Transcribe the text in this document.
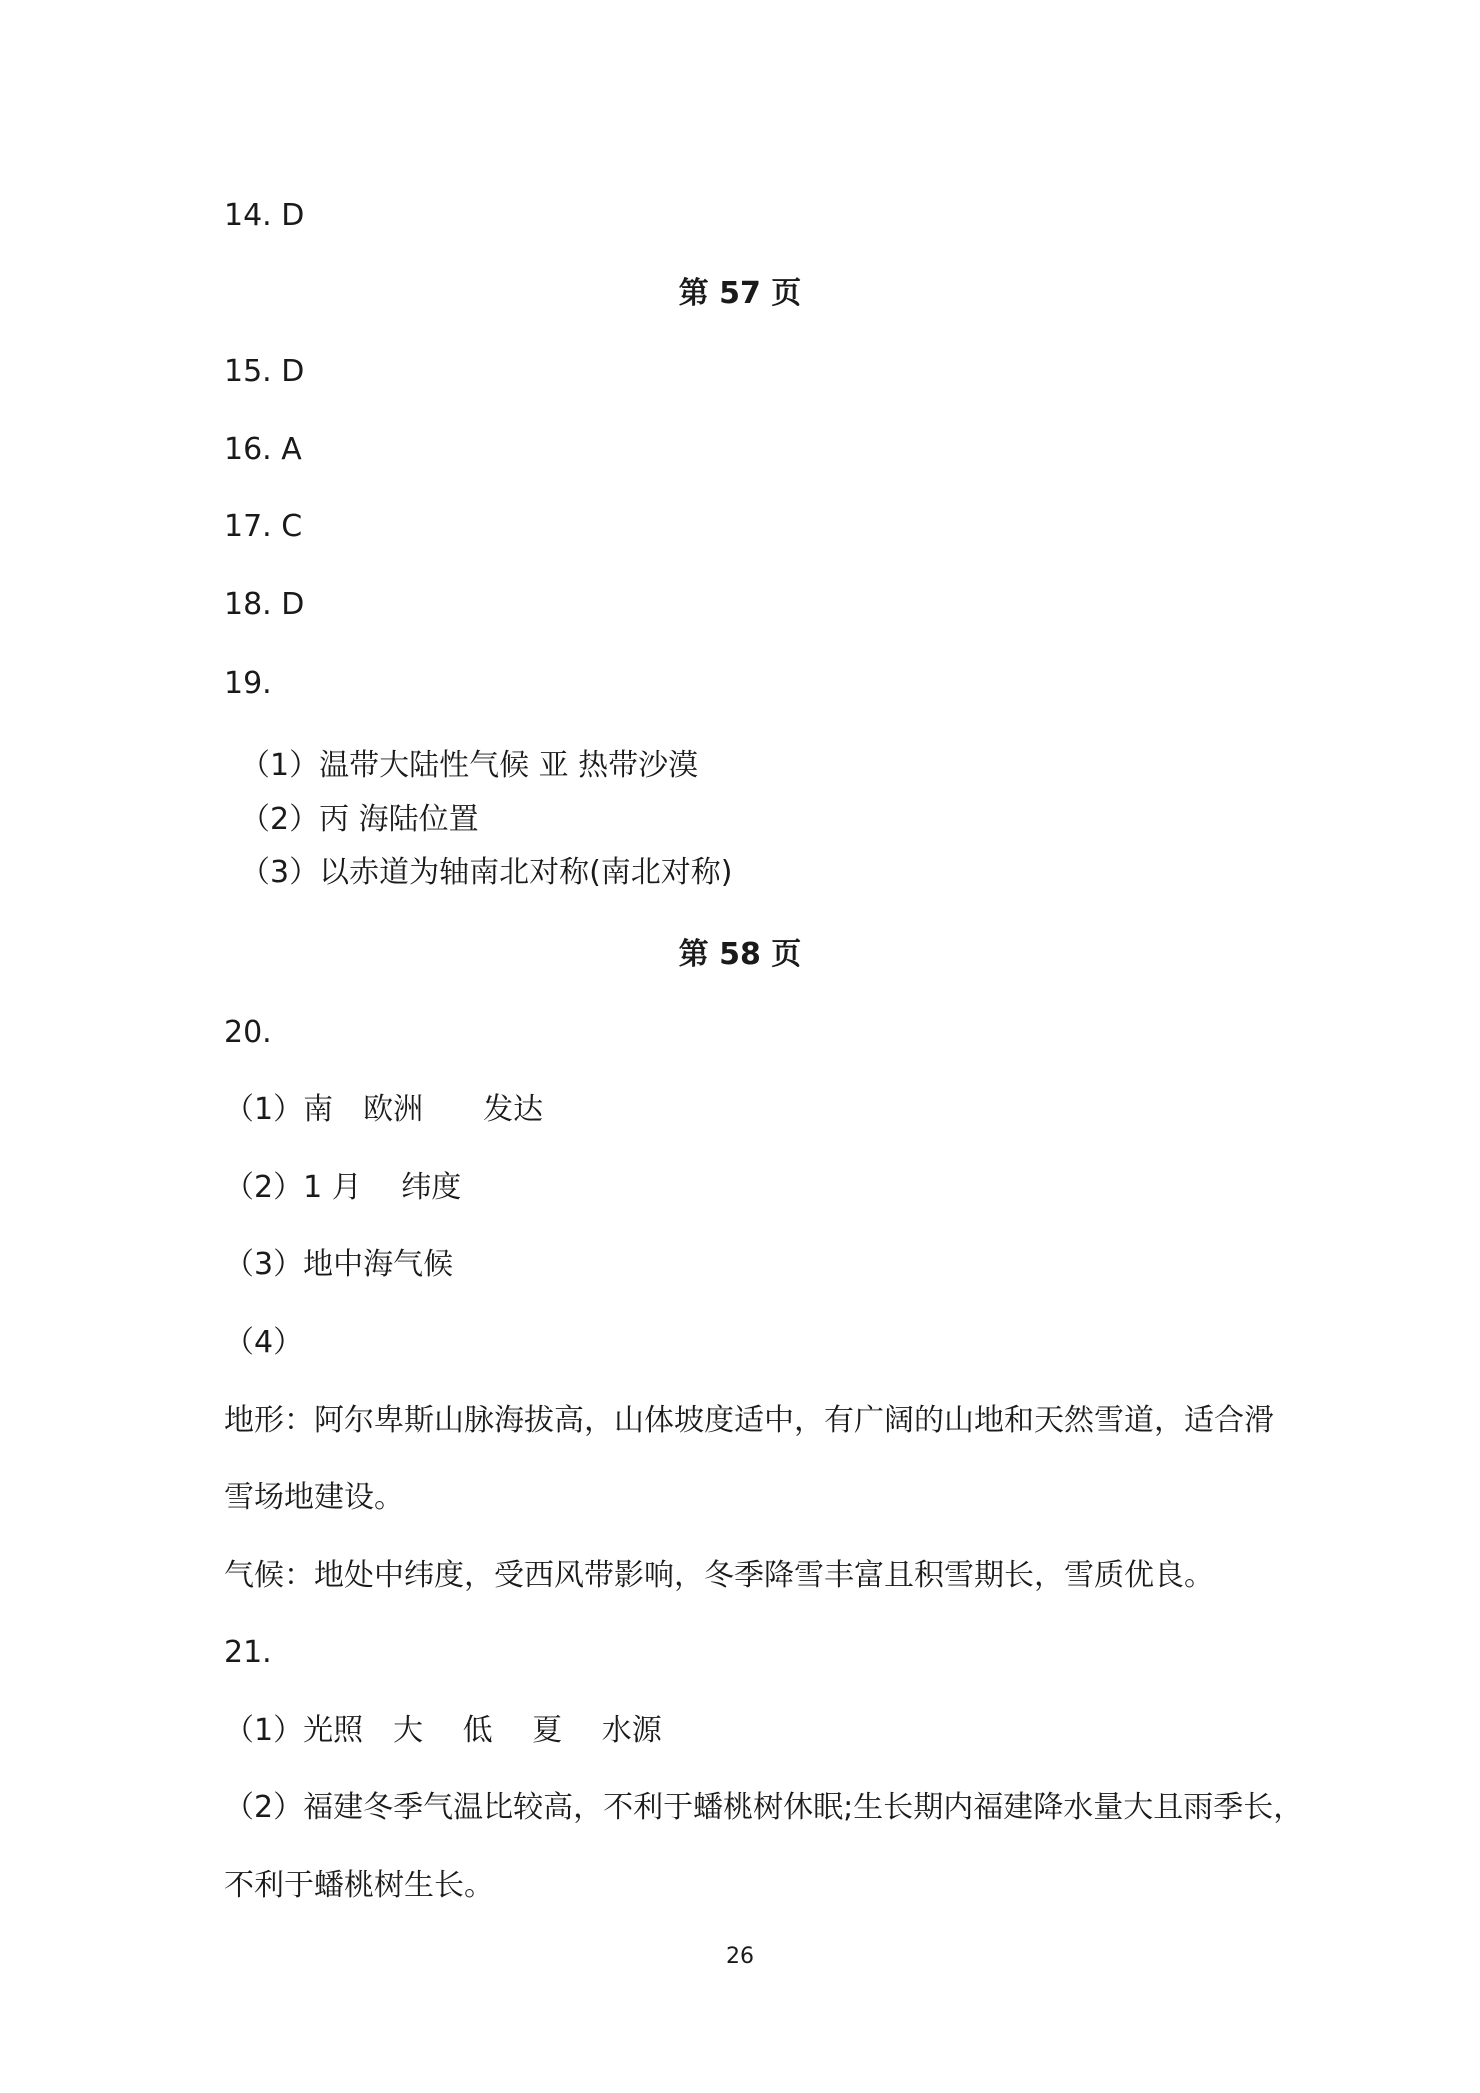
14. D
第 57 页
15. D
16. A
17. C
18. D
19.
（1）温带大陆性气候 亚 热带沙漠
（2）丙 海陆位置
（3）以赤道为轴南北对称(南北对称)
第 58 页
20.
（1）南　欧洲　　发达
（2）1 月　 纬度
（3）地中海气候
（4）
地形：阿尔卑斯山脉海拔高，山体坡度适中，有广阔的山地和天然雪道，适合滑
雪场地建设。
气候：地处中纬度，受西风带影响，冬季降雪丰富且积雪期长，雪质优良。
21.
（1）光照　大　 低　 夏　 水源
（2）福建冬季气温比较高，不利于蟠桃树休眠;生长期内福建降水量大且雨季长，
不利于蟠桃树生长。
26
